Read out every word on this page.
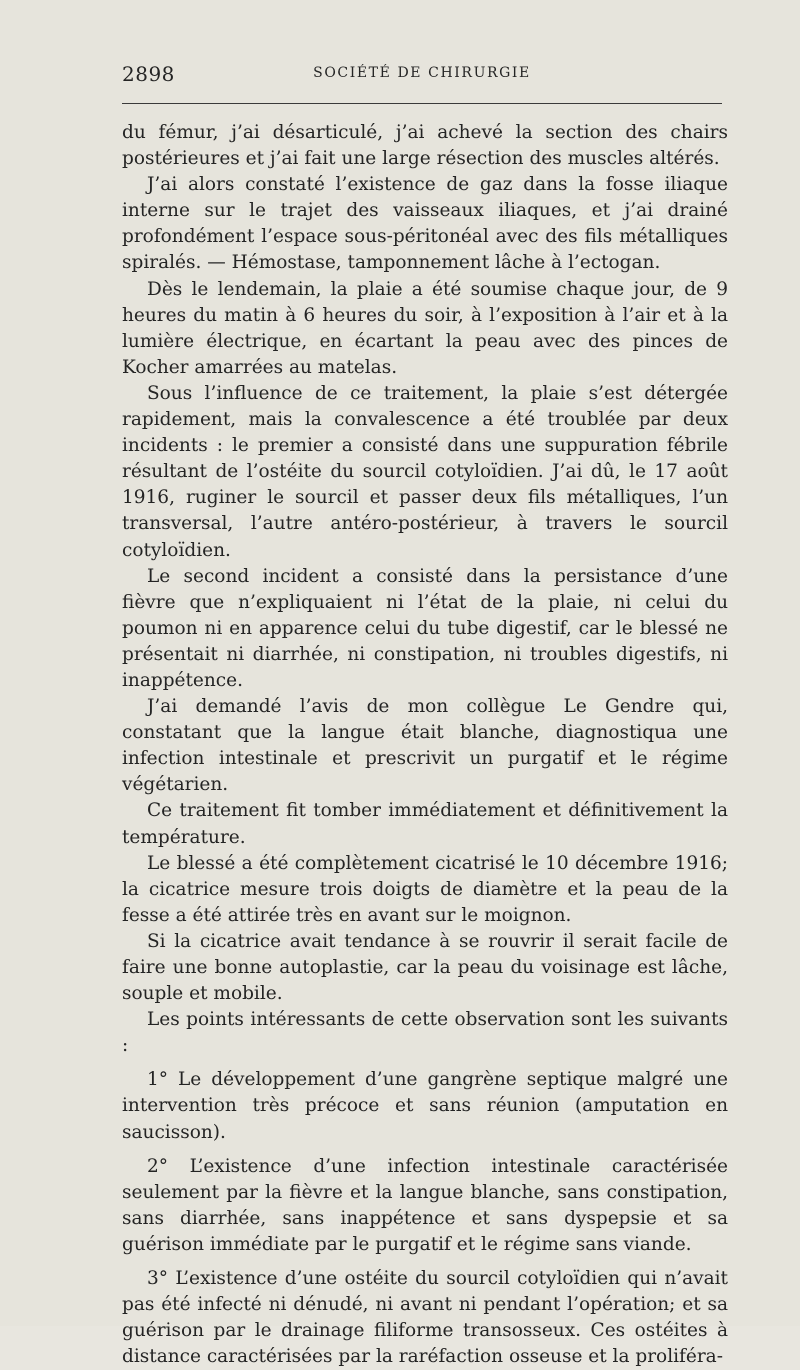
2898	SOCIÉTÉ DE CHIRURGIE

du fémur, j’ai désarticulé, j’ai achevé la section des chairs postérieures et j’ai fait une large résection des muscles altérés.

J’ai alors constaté l’existence de gaz dans la fosse iliaque interne sur le trajet des vaisseaux iliaques, et j’ai drainé profondément l’espace sous-péritonéal avec des fils métalliques spiralés. — Hémostase, tamponnement lâche à l’ectogan.

Dès le lendemain, la plaie a été soumise chaque jour, de 9 heures du matin à 6 heures du soir, à l’exposition à l’air et à la lumière électrique, en écartant la peau avec des pinces de Kocher amarrées au matelas.

Sous l’influence de ce traitement, la plaie s’est détergée rapidement, mais la convalescence a été troublée par deux incidents : le premier a consisté dans une suppuration fébrile résultant de l’ostéite du sourcil cotyloïdien. J’ai dû, le 17 août 1916, ruginer le sourcil et passer deux fils métalliques, l’un transversal, l’autre antéro-postérieur, à travers le sourcil cotyloïdien.

Le second incident a consisté dans la persistance d’une fièvre que n’expliquaient ni l’état de la plaie, ni celui du poumon ni en apparence celui du tube digestif, car le blessé ne présentait ni diarrhée, ni constipation, ni troubles digestifs, ni inappétence.

J’ai demandé l’avis de mon collègue Le Gendre qui, constatant que la langue était blanche, diagnostiqua une infection intestinale et prescrivit un purgatif et le régime végétarien.

Ce traitement fit tomber immédiatement et définitivement la température.

Le blessé a été complètement cicatrisé le 10 décembre 1916; la cicatrice mesure trois doigts de diamètre et la peau de la fesse a été attirée très en avant sur le moignon.

Si la cicatrice avait tendance à se rouvrir il serait facile de faire une bonne autoplastie, car la peau du voisinage est lâche, souple et mobile.

Les points intéressants de cette observation sont les suivants :

1° Le développement d’une gangrène septique malgré une intervention très précoce et sans réunion (amputation en saucisson).

2° L’existence d’une infection intestinale caractérisée seulement par la fièvre et la langue blanche, sans constipation, sans diarrhée, sans inappétence et sans dyspepsie et sa guérison immédiate par le purgatif et le régime sans viande.

3° L’existence d’une ostéite du sourcil cotyloïdien qui n’avait pas été infecté ni dénudé, ni avant ni pendant l’opération; et sa guérison par le drainage filiforme transosseux. Ces ostéites à distance caractérisées par la raréfaction osseuse et la proliféra-
